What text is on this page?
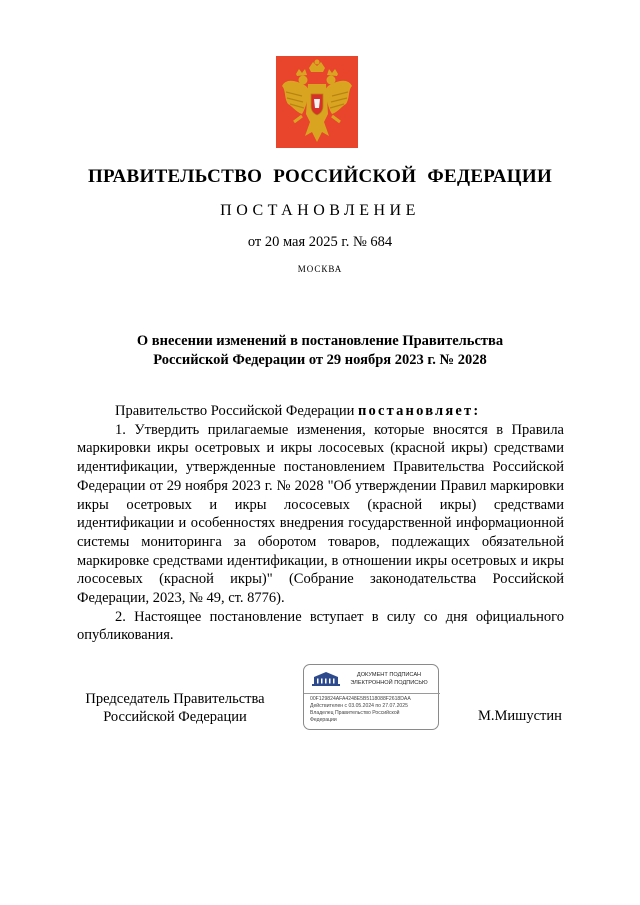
ПРАВИТЕЛЬСТВО РОССИЙСКОЙ ФЕДЕРАЦИИ
ПОСТАНОВЛЕНИЕ
от 20 мая 2025 г. № 684
МОСКВА
О внесении изменений в постановление Правительства
Российской Федерации от 29 ноября 2023 г. № 2028

Правительство Российской Федерации постановляет:

1. Утвердить прилагаемые изменения, которые вносятся в Правила маркировки икры осетровых и икры лососевых (красной икры) средствами идентификации, утвержденные постановлением Правительства Российской Федерации от 29 ноября 2023 г. № 2028 "Об утверждении Правил маркировки икры осетровых и икры лососевых (красной икры) средствами идентификации и особенностях внедрения государственной информационной системы мониторинга за оборотом товаров, подлежащих обязательной маркировке средствами идентификации, в отношении икры осетровых и икры лососевых (красной икры)" (Собрание законодательства Российской Федерации, 2023, № 49, ст. 8776).

2. Настоящее постановление вступает в силу со дня официального опубликования.

Председатель Правительства
Российской Федерации
ДОКУМЕНТ ПОДПИСАН
ЭЛЕКТРОННОЙ ПОДПИСЬЮ
00F129824AFA4248E5B5118088F2618DAA
Действителен с 03.05.2024 по 27.07.2025
Владелец Правительство Российской
Федерации	М.Мишустин
